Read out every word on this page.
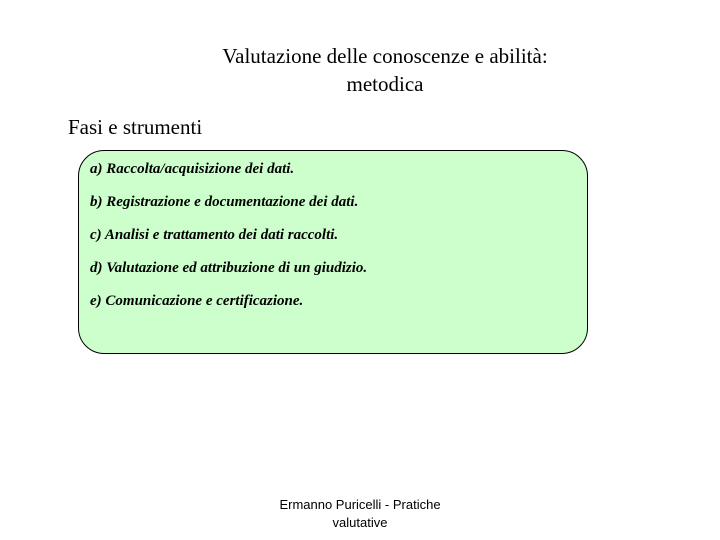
Valutazione delle conoscenze e abilità:
metodica
Fasi e strumenti
a) Raccolta/acquisizione dei dati.
b) Registrazione e documentazione dei dati.
c) Analisi e trattamento dei dati raccolti.
d) Valutazione ed attribuzione di un giudizio.
e) Comunicazione e certificazione.
Ermanno Puricelli - Pratiche
valutative
